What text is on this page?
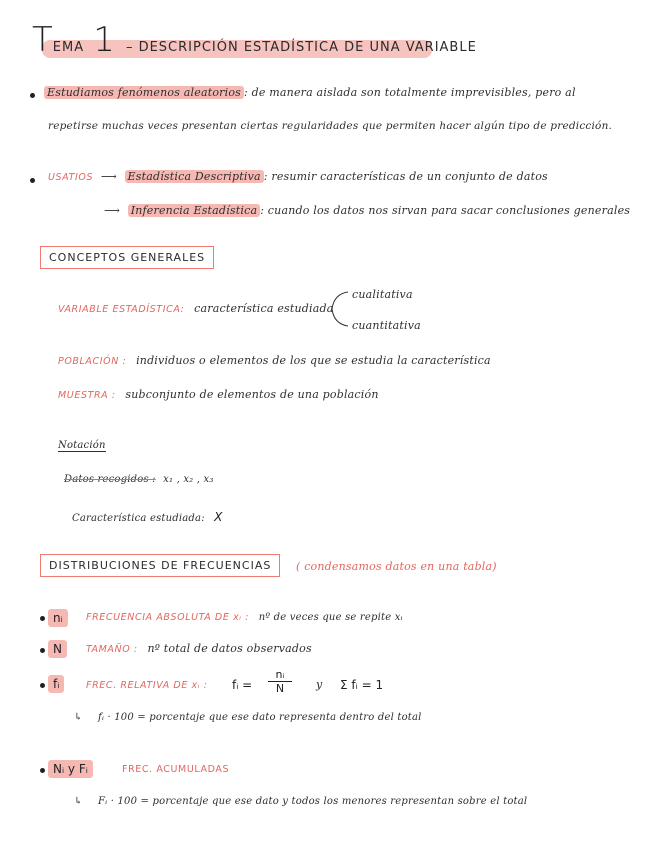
TEMA 1 – DESCRIPCIÓN ESTADÍSTICA DE UNA VARIABLE
Estudiamos fenómenos aleatorios : de manera aislada son totalmente imprevisibles, pero al
repetirse muchas veces presentan ciertas regularidades que permiten hacer algún tipo de predicción.
USATIOS ⟶ Estadística Descriptiva : resumir características de un conjunto de datos
⟶ Inferencia Estadística : cuando los datos nos sirvan para sacar conclusiones generales
CONCEPTOS GENERALES
VARIABLE ESTADÍSTICA: característica estudiada
cualitativa
cuantitativa
POBLACIÓN : individuos o elementos de los que se estudia la característica
MUESTRA : subconjunto de elementos de una población
Notación
Datos recogidos : x₁ , x₂ , x₃
Característica estudiada: X
DISTRIBUCIONES DE FRECUENCIAS	( condensamos datos en una tabla)
nᵢ	FRECUENCIA ABSOLUTA DE xᵢ : nº de veces que se repite xᵢ
N	TAMAÑO : nº total de datos observados
fᵢ	FREC. RELATIVA DE xᵢ : fᵢ = $\frac{\text{nᵢ}}{N}$ y Σ fᵢ = 1
↳ fᵢ · 100 = porcentaje que ese dato representa dentro del total
Nᵢ y Fᵢ	FREC. ACUMULADAS
↳ Fᵢ · 100 = porcentaje que ese dato y todos los menores representan sobre el total
